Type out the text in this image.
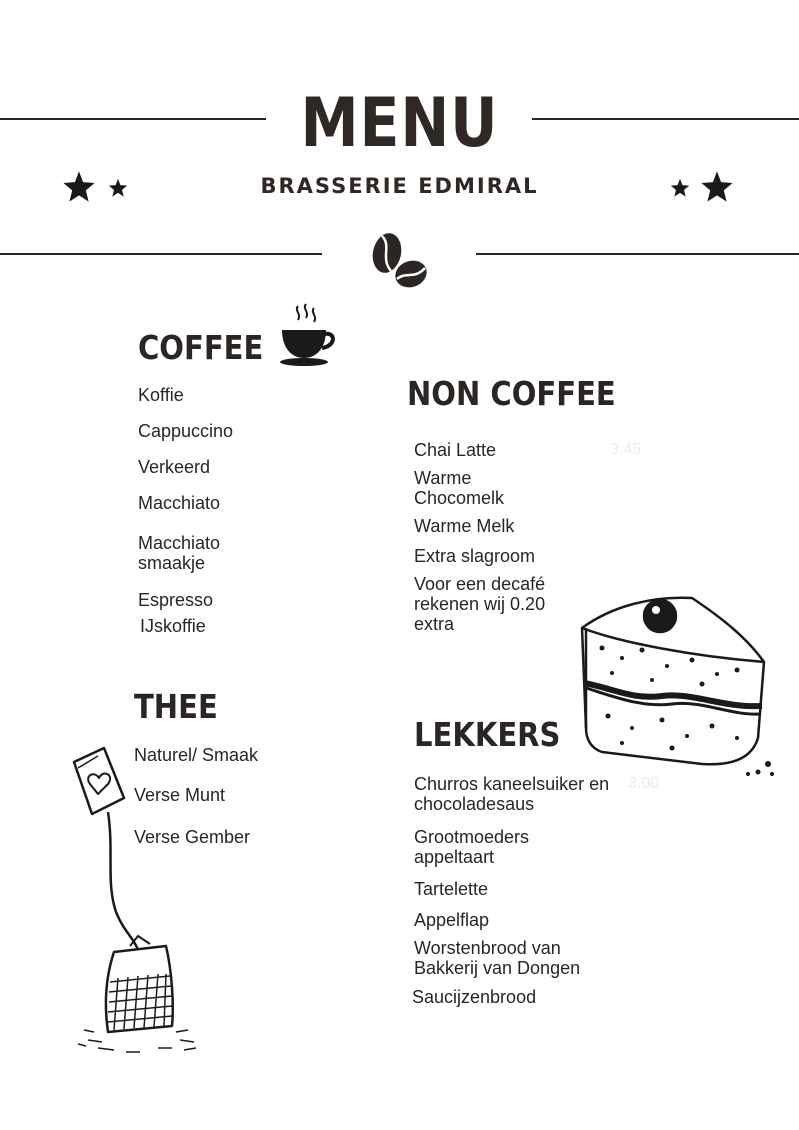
MENU
BRASSERIE EDMIRAL
COFFEE
Koffie
Cappuccino
Verkeerd
Macchiato
Macchiato smaakje
Espresso
IJskoffie
NON COFFEE
Chai Latte	3.45
Warme Chocomelk
Warme Melk
Extra slagroom
Voor een decafé rekenen wij 0.20 extra
THEE
Naturel/ Smaak
Verse Munt
Verse Gember
LEKKERS
Churros kaneelsuiker en chocoladesaus
3.00
Grootmoeders appeltaart
Tartelette
Appelflap
Worstenbrood van Bakkerij van Dongen
Saucijzenbrood
